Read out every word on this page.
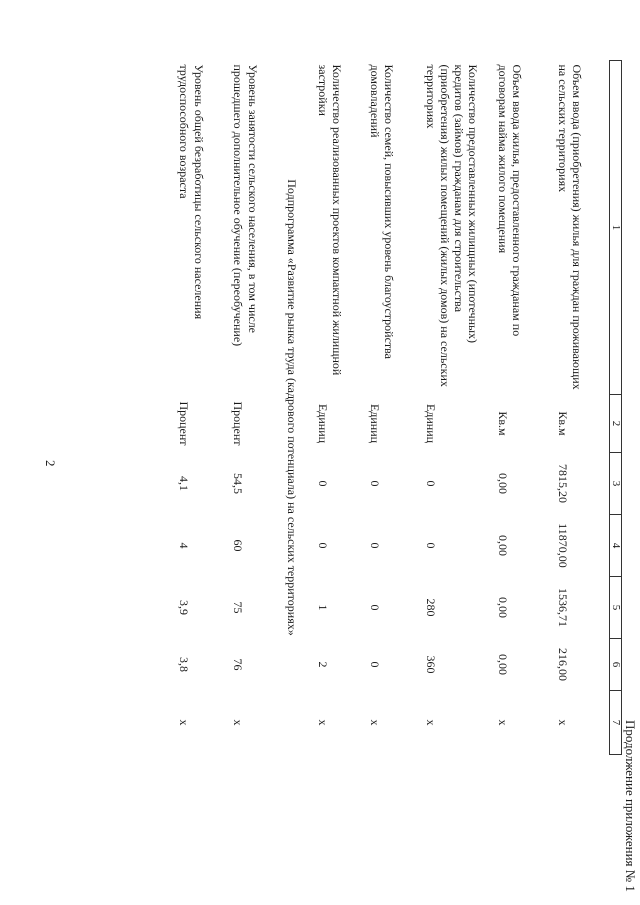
Продолжение приложения № 1
2
1	2	3	4	5	6	7
Объем ввода (приобретения) жилья для граждан проживающих на сельских территориях	Кв.м	7815,20	11870,00	1536,71	216,00	х
Объем ввода жилья, предоставленного гражданам по договорам найма жилого помещения	Кв.м	0,00	0,00	0,00	0,00	х
Количество предоставленных жилищных (ипотечных) кредитов (займов) гражданам для строительства (приобретения) жилых помещений (жилых домов) на сельских территориях	Единиц	0	0	280	360	х
Количество семей, повысивших уровень благоустройства домовладений	Единиц	0	0	0	0	х
Количество реализованных проектов компактной жилищной застройки	Единиц	0	0	1	2	х
Подпрограмма «Развитие рынка труда (кадрового потенциала) на сельских территориях»						
Уровень занятости сельского населения, в том числе прошедшего дополнительное обучение (переобучение)	Процент	54,5	60	75	76	х
Уровень общей безработицы сельского населения трудоспособного возраста	Процент	4,1	4	3,9	3,8	х
